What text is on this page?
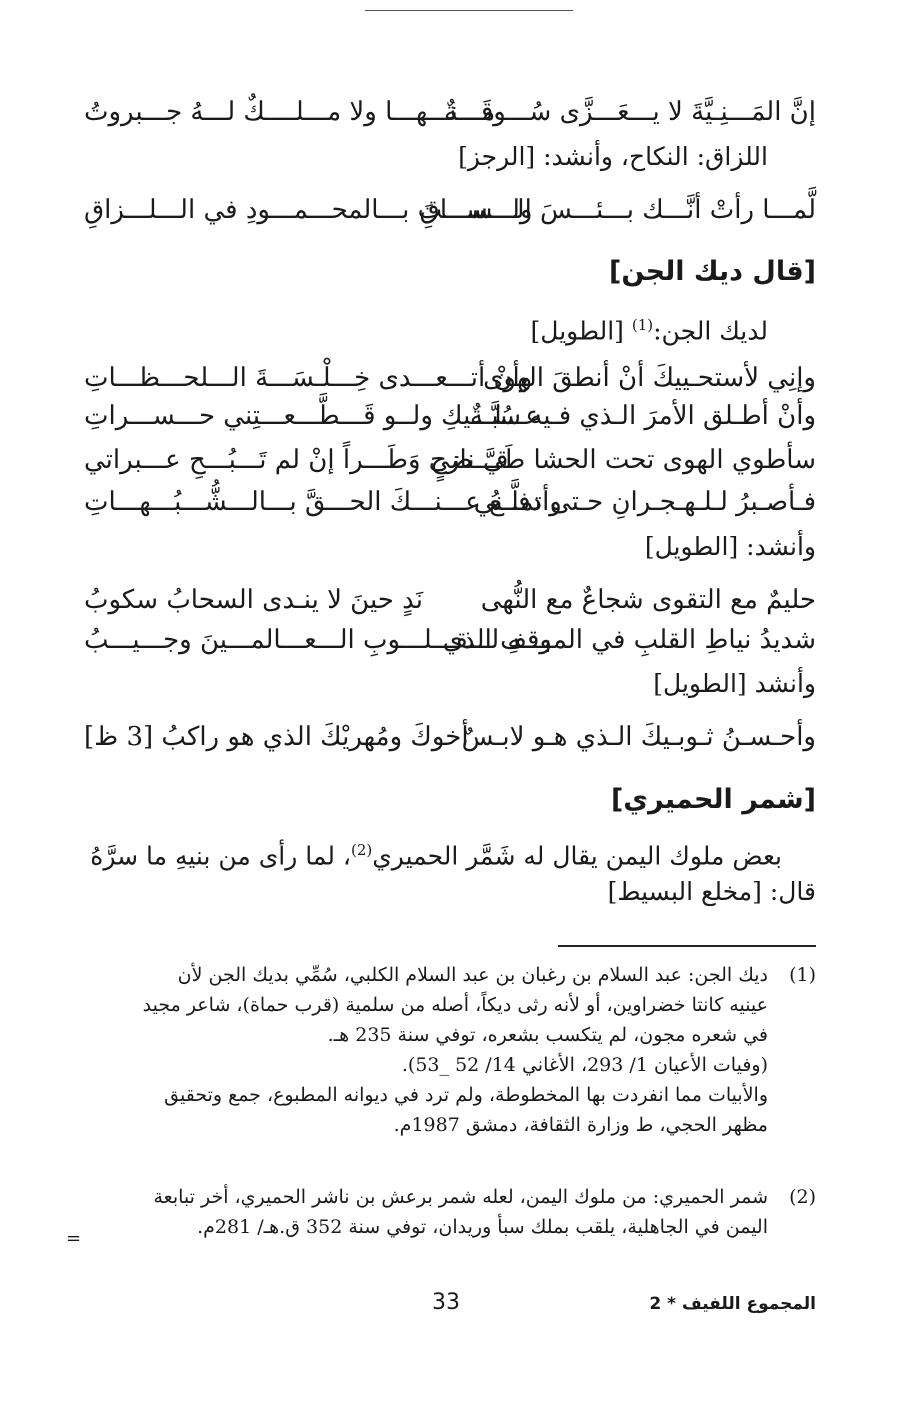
إنَّ المَـــنِـيَّةَ لا يـــعَـــزَّى سُـــوقَـــةٌ
مـــنـــهـــا ولا مـــلــــكٌ لـــهُ جـــبروتُ
اللزاق: النكاح، وأنشد: [الرجز]
لَّمـــا رأتْ أنَّـــك بـــئـــسَ الـــســـاقِ
ولـــســـتَ بـــالمحـــمـــودِ في الـــلـــزاقِ
[قال ديك الجن]
لديك الجن:$^{(1)}$ [الطويل]
وإنِي لأستحـييكَ أنْ أنطقَ الهوى
وأنْ أتـــعـــدى خِـــلْـسَـــةَ الـــلحـــظـــاتِ
وأنْ أطـلق الأمرَ الـذي فـيه سُبَّـةٌ
عـــلـــيكِ ولــو قَـــطَّـــعـــتِني حـــســـراتِ
سأطوي الهوى تحت الحشا طَيَّ نازحٍ
قـــضى وَطَـــراً إنْ لم تَـــبُـــحِ عـــبراتي
فـأصـبرُ لـلـهـجـرانِ حـتى تملَّـني
وأدفــعُ عـــنـــكَ الحـــقَّ بـــالـــشُّـــبُـــهـــاتِ
وأنشد: [الطويل]
حليمٌ مع التقوى شجاعٌ مع النُّهى
نَدٍ حينَ لا ينـدى السحابُ سكوبُ
شديدُ نياطِ القلبِ في الموقف الذي
بـــهِ لـــقـــلـــوبِ الـــعـــالمـــينَ وجـــيـــبُ
وأنشد [الطويل]
وأحـسـنُ ثـوبـيكَ الـذي هـو لابـسٌ
أخوكَ ومُهريْكَ الذي هو راكبُ [3 ظ]
[شمر الحميري]
بعض ملوك اليمن يقال له شَمَّر الحميري$^{(2)}$، لما رأى من بنيهِ ما سرَّهُ
قال: [مخلع البسيط]
(1)
ديك الجن: عبد السلام بن رغبان بن عبد السلام الكلبي، سُمِّي بديك الجن لأن
عينيه كانتا خضراوين، أو لأنه رثى ديكاً، أصله من سلمية (قرب حماة)، شاعر مجيد
في شعره مجون، لم يتكسب بشعره، توفي سنة 235 هـ.
(وفيات الأعيان 1/ 293، الأغاني 14/ 52 _53).
والأبيات مما انفردت بها المخطوطة، ولم ترد في ديوانه المطبوع، جمع وتحقيق
مظهر الحجي، ط وزارة الثقافة، دمشق 1987م.
(2)
شمر الحميري: من ملوك اليمن، لعله شمر برعش بن ناشر الحميري، أخر تبابعة
اليمن في الجاهلية، يلقب بملك سبأ وريدان، توفي سنة 352 ق.هـ/ 281م.
=
33	المجموع اللفيف * 2
